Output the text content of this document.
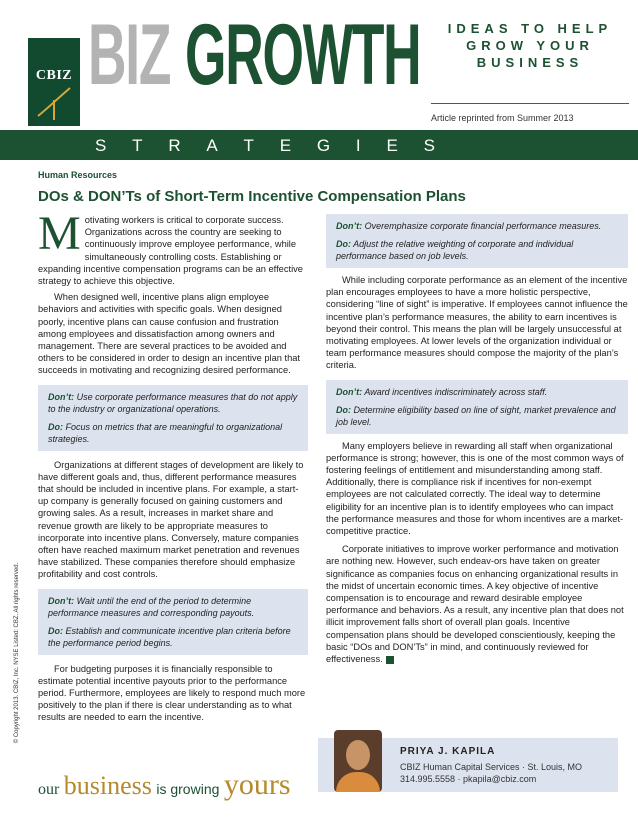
CBIZ
®
BIZ GROWTH	IDEAS TO HELP
GROW YOUR
BUSINESS
Article reprinted from Summer 2013
S T R A T E G I E S
© Copyright 2013. CBIZ, Inc. NYSE Listed: CBZ. All rights reserved.
Human Resources
DOs & DON’Ts of Short-Term Incentive Compensation Plans

Motivating workers is critical to corporate success. Organizations across the country are seeking to continuously improve employee performance, while simultaneously controlling costs. Establishing or expanding incentive compensation programs can be an effective strategy to achieve this objective.

When designed well, incentive plans align employee behaviors and activities with specific goals. When designed poorly, incentive plans can cause confusion and frustration among employees and dissatisfaction among owners and management. There are several practices to be avoided and others to be considered in order to design an incentive plan that succeeds in motivating and recognizing desired performance.

Don’t: Use corporate performance measures that do not apply to the industry or organizational operations.

Do: Focus on metrics that are meaningful to organizational strategies.

Organizations at different stages of development are likely to have different goals and, thus, different performance measures that should be included in incentive plans. For example, a start-up company is generally focused on gaining customers and growing sales. As a result, increases in market share and revenue growth are likely to be appropriate measures to incorporate into incentive plans. Conversely, mature companies often have reached maximum market penetration and revenues have stabilized. These companies therefore should emphasize profitability and cost controls.

Don’t: Wait until the end of the period to determine performance measures and corresponding payouts.

Do: Establish and communicate incentive plan criteria before the performance period begins.

For budgeting purposes it is financially responsible to estimate potential incentive payouts prior to the performance period. Furthermore, employees are likely to respond much more positively to the plan if there is clear understanding as to what results are needed to earn the incentive.

Don’t: Overemphasize corporate financial performance measures.

Do: Adjust the relative weighting of corporate and individual performance based on job levels.

While including corporate performance as an element of the incentive plan encourages employees to have a more holistic perspective, considering “line of sight” is imperative. If employees cannot influence the incentive plan’s performance measures, the ability to earn incentives is beyond their control. This means the plan will be largely unsuccessful at motivating employees. At lower levels of the organization individual or team performance measures should compose the majority of the plan’s criteria.

Don’t: Award incentives indiscriminately across staff.

Do: Determine eligibility based on line of sight, market prevalence and job level.

Many employers believe in rewarding all staff when organizational performance is strong; however, this is one of the most common ways of fostering feelings of entitlement and misunderstanding among staff. Additionally, there is compliance risk if incentives for non-exempt employees are not calculated correctly. The ideal way to determine eligibility for an incentive plan is to identify employees who can impact the performance measures and those for whom incentives are a market-competitive practice.

Corporate initiatives to improve worker performance and motivation are nothing new. However, such endeav-ors have taken on greater significance as companies focus on enhancing organizational results in the midst of uncertain economic times. A key objective of incentive compensation is to encourage and reward desirable employee performance and behaviors. As a result, any incentive plan that does not illicit improvement falls short of overall plan goals. Incentive compensation plans should be developed conscientiously, keeping the basic “DOs and DON’Ts” in mind, and continuously reviewed for effectiveness.

our business is growing yours
PRIYA J. KAPILA
CBIZ Human Capital Services · St. Louis, MO
314.995.5558 · pkapila@cbiz.com
